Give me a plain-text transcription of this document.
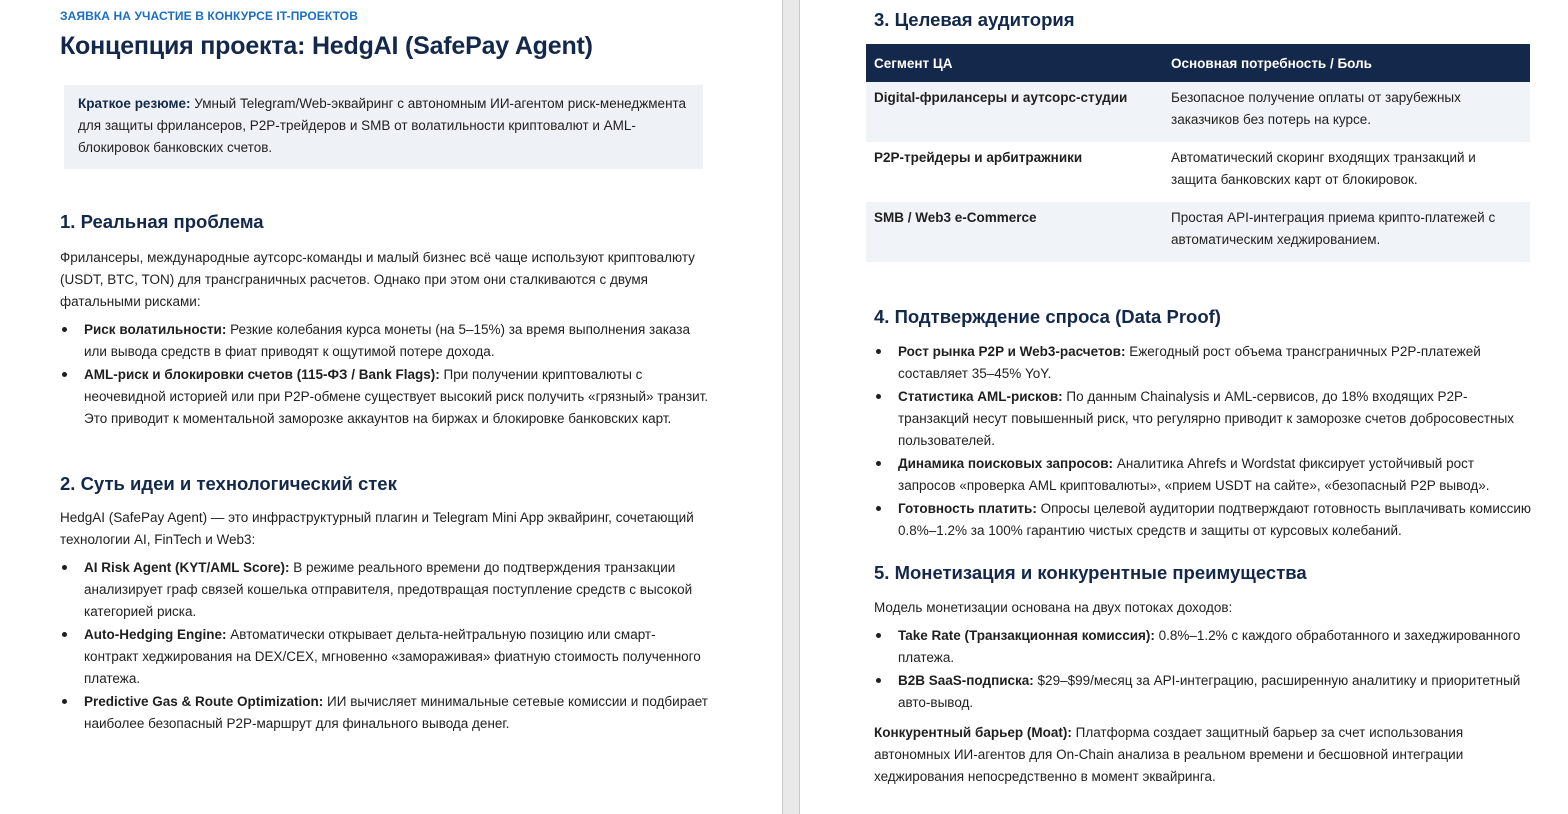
ЗАЯВКА НА УЧАСТИЕ В КОНКУРСЕ IT-ПРОЕКТОВ
Концепция проекта: HedgAI (SafePay Agent)
Краткое резюме: Умный Telegram/Web-эквайринг с автономным ИИ-агентом риск-менеджмента для защиты фрилансеров, P2P-трейдеров и SMB от волатильности криптовалют и AML-блокировок банковских счетов.
1. Реальная проблема

Фрилансеры, международные аутсорс-команды и малый бизнес всё чаще используют криптовалюту (USDT, BTC, TON) для трансграничных расчетов. Однако при этом они сталкиваются с двумя фатальными рисками:

Риск волатильности: Резкие колебания курса монеты (на 5–15%) за время выполнения заказа или вывода средств в фиат приводят к ощутимой потере дохода.
AML-риск и блокировки счетов (115-ФЗ / Bank Flags): При получении криптовалюты с неочевидной историей или при P2P-обмене существует высокий риск получить «грязный» транзит. Это приводит к моментальной заморозке аккаунтов на биржах и блокировке банковских карт.
2. Суть идеи и технологический стек

HedgAI (SafePay Agent) — это инфраструктурный плагин и Telegram Mini App эквайринг, сочетающий технологии AI, FinTech и Web3:

AI Risk Agent (KYT/AML Score): В режиме реального времени до подтверждения транзакции анализирует граф связей кошелька отправителя, предотвращая поступление средств с высокой категорией риска.
Auto-Hedging Engine: Автоматически открывает дельта-нейтральную позицию или смарт-контракт хеджирования на DEX/CEX, мгновенно «замораживая» фиатную стоимость полученного платежа.
Predictive Gas & Route Optimization: ИИ вычисляет минимальные сетевые комиссии и подбирает наиболее безопасный P2P-маршрут для финального вывода денег.
3. Целевая аудитория
Сегмент ЦА	Основная потребность / Боль
Digital-фрилансеры и аутсорс-студии	Безопасное получение оплаты от зарубежных заказчиков без потерь на курсе.
P2P-трейдеры и арбитражники	Автоматический скоринг входящих транзакций и защита банковских карт от блокировок.
SMB / Web3 e-Commerce	Простая API-интеграция приема крипто-платежей с автоматическим хеджированием.
4. Подтверждение спроса (Data Proof)
Рост рынка P2P и Web3-расчетов: Ежегодный рост объема трансграничных P2P-платежей составляет 35–45% YoY.
Статистика AML-рисков: По данным Chainalysis и AML-сервисов, до 18% входящих P2P-транзакций несут повышенный риск, что регулярно приводит к заморозке счетов добросовестных пользователей.
Динамика поисковых запросов: Аналитика Ahrefs и Wordstat фиксирует устойчивый рост запросов «проверка AML криптовалюты», «прием USDT на сайте», «безопасный P2P вывод».
Готовность платить: Опросы целевой аудитории подтверждают готовность выплачивать комиссию 0.8%–1.2% за 100% гарантию чистых средств и защиты от курсовых колебаний.
5. Монетизация и конкурентные преимущества

Модель монетизации основана на двух потоках доходов:

Take Rate (Транзакционная комиссия): 0.8%–1.2% с каждого обработанного и захеджированного платежа.
B2B SaaS-подписка: $29–$99/месяц за API-интеграцию, расширенную аналитику и приоритетный авто-вывод.

Конкурентный барьер (Moat): Платформа создает защитный барьер за счет использования автономных ИИ-агентов для On-Chain анализа в реальном времени и бесшовной интеграции хеджирования непосредственно в момент эквайринга.
